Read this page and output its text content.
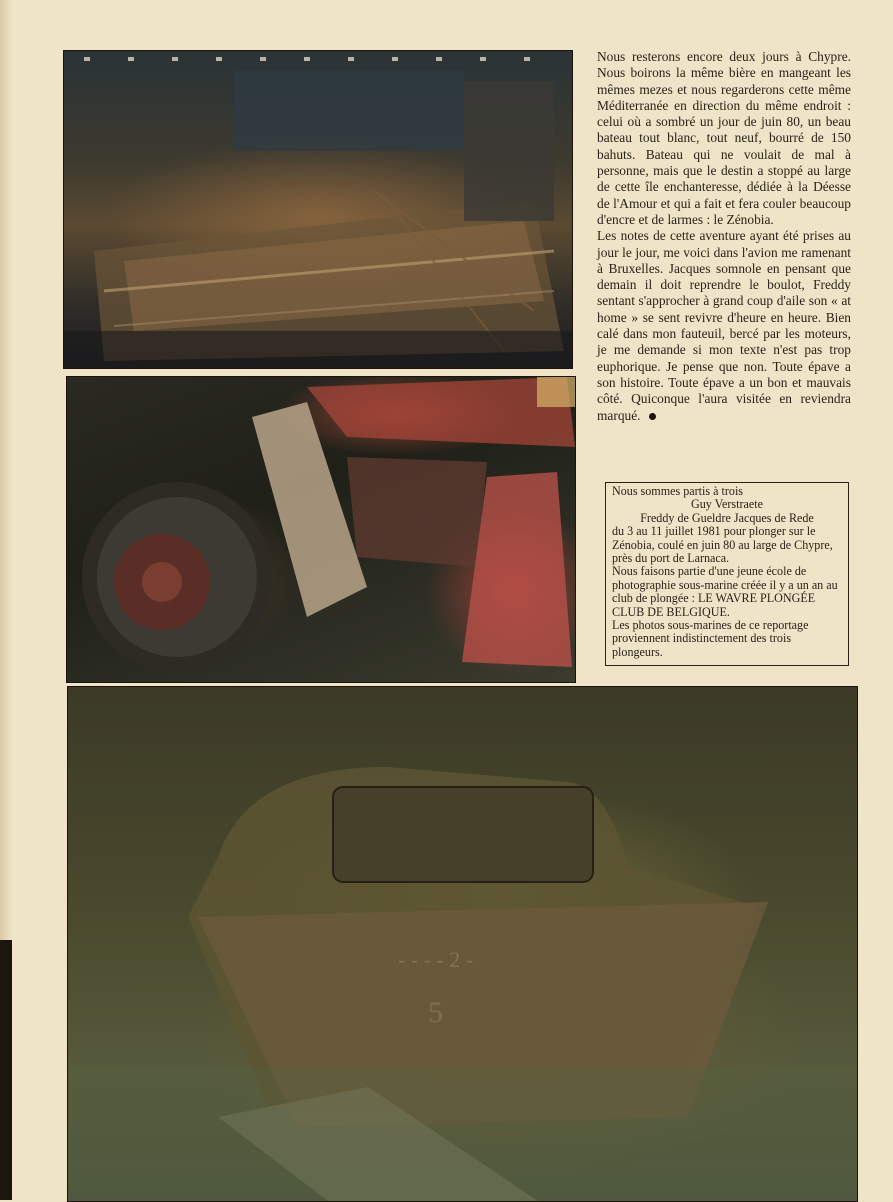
- - - - 2 -
5

Nous resterons encore deux jours à Chypre. Nous boirons la même bière en mangeant les mêmes mezes et nous regarderons cette même Méditerranée en direction du même endroit : celui où a sombré un jour de juin 80, un beau bateau tout blanc, tout neuf, bourré de 150 bahuts. Bateau qui ne voulait de mal à personne, mais que le destin a stoppé au large de cette île enchanteresse, dédiée à la Déesse de l'Amour et qui a fait et fera couler beaucoup d'encre et de larmes : le Zénobia.

Les notes de cette aventure ayant été prises au jour le jour, me voici dans l'avion me ramenant à Bruxelles. Jacques somnole en pensant que demain il doit reprendre le boulot, Freddy sentant s'approcher à grand coup d'aile son « at home » se sent revivre d'heure en heure. Bien calé dans mon fauteuil, bercé par les moteurs, je me demande si mon texte n'est pas trop euphorique. Je pense que non. Toute épave a son histoire. Toute épave a un bon et mauvais côté. Quiconque l'aura visitée en reviendra marqué.

Nous sommes partis à trois

Guy Verstraete

Freddy de Gueldre Jacques de Rede

du 3 au 11 juillet 1981 pour plonger sur le Zénobia, coulé en juin 80 au large de Chypre, près du port de Larnaca.

Nous faisons partie d'une jeune école de photographie sous-marine créée il y a un an au club de plongée : LE WAVRE PLONGÉE CLUB DE BELGIQUE.

Les photos sous-marines de ce reportage proviennent indistinctement des trois plongeurs.
